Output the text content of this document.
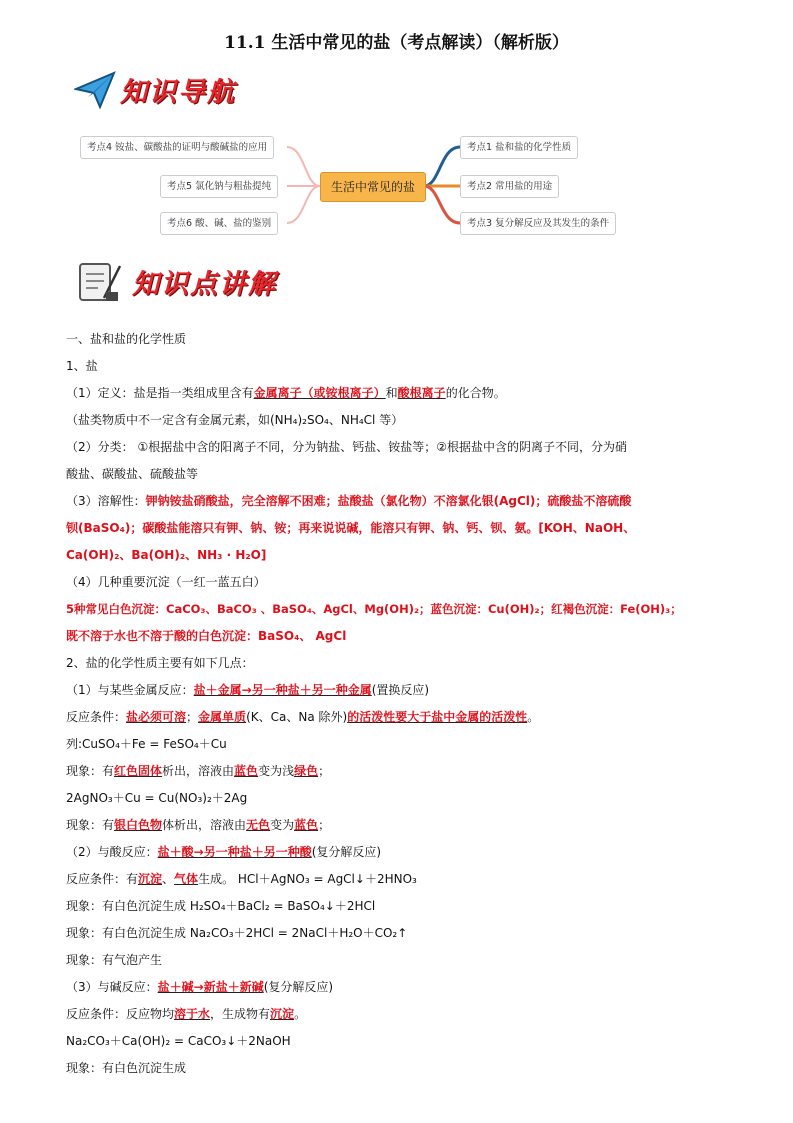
11.1 生活中常见的盐（考点解读）（解析版）
知识导航
考点4 铵盐、碳酸盐的证明与酸碱盐的应用
考点5 氯化钠与粗盐提纯
考点6 酸、碱、盐的鉴别
生活中常见的盐
考点1 盐和盐的化学性质
考点2 常用盐的用途
考点3 复分解反应及其发生的条件
知识点讲解
一、盐和盐的化学性质
1、盐
（1）定义：盐是指一类组成里含有金属离子（或铵根离子）和酸根离子的化合物。
（盐类物质中不一定含有金属元素，如(NH₄)₂SO₄、NH₄Cl 等）
（2）分类： ①根据盐中含的阳离子不同，分为钠盐、钙盐、铵盐等；②根据盐中含的阴离子不同，分为硝
酸盐、碳酸盐、硫酸盐等
（3）溶解性：钾钠铵盐硝酸盐，完全溶解不困难；盐酸盐（氯化物）不溶氯化银(AgCl)；硫酸盐不溶硫酸
钡(BaSO₄)；碳酸盐能溶只有钾、钠、铵；再来说说碱，能溶只有钾、钠、钙、钡、氨。[KOH、NaOH、
Ca(OH)₂、Ba(OH)₂、NH₃ · H₂O]
（4）几种重要沉淀（一红一蓝五白）
5种常见白色沉淀：CaCO₃、BaCO₃ 、BaSO₄、AgCl、Mg(OH)₂；蓝色沉淀：Cu(OH)₂；红褐色沉淀：Fe(OH)₃；
既不溶于水也不溶于酸的白色沉淀：BaSO₄、 AgCl
2、盐的化学性质主要有如下几点：
（1）与某些金属反应：盐＋金属→另一种盐＋另一种金属(置换反应)
反应条件：盐必须可溶；金属单质(K、Ca、Na 除外)的活泼性要大于盐中金属的活泼性。
列:CuSO₄＋Fe = FeSO₄＋Cu
现象：有红色固体析出，溶液由蓝色变为浅绿色；
2AgNO₃＋Cu = Cu(NO₃)₂＋2Ag
现象：有银白色物体析出，溶液由无色变为蓝色；
（2）与酸反应：盐＋酸→另一种盐＋另一种酸(复分解反应)
反应条件：有沉淀、气体生成。 HCl＋AgNO₃ = AgCl↓＋2HNO₃
现象：有白色沉淀生成 H₂SO₄＋BaCl₂ = BaSO₄↓＋2HCl
现象：有白色沉淀生成 Na₂CO₃＋2HCl = 2NaCl＋H₂O＋CO₂↑
现象：有气泡产生
（3）与碱反应：盐＋碱→新盐＋新碱(复分解反应)
反应条件：反应物均溶于水，生成物有沉淀。
Na₂CO₃＋Ca(OH)₂ = CaCO₃↓＋2NaOH
现象：有白色沉淀生成
